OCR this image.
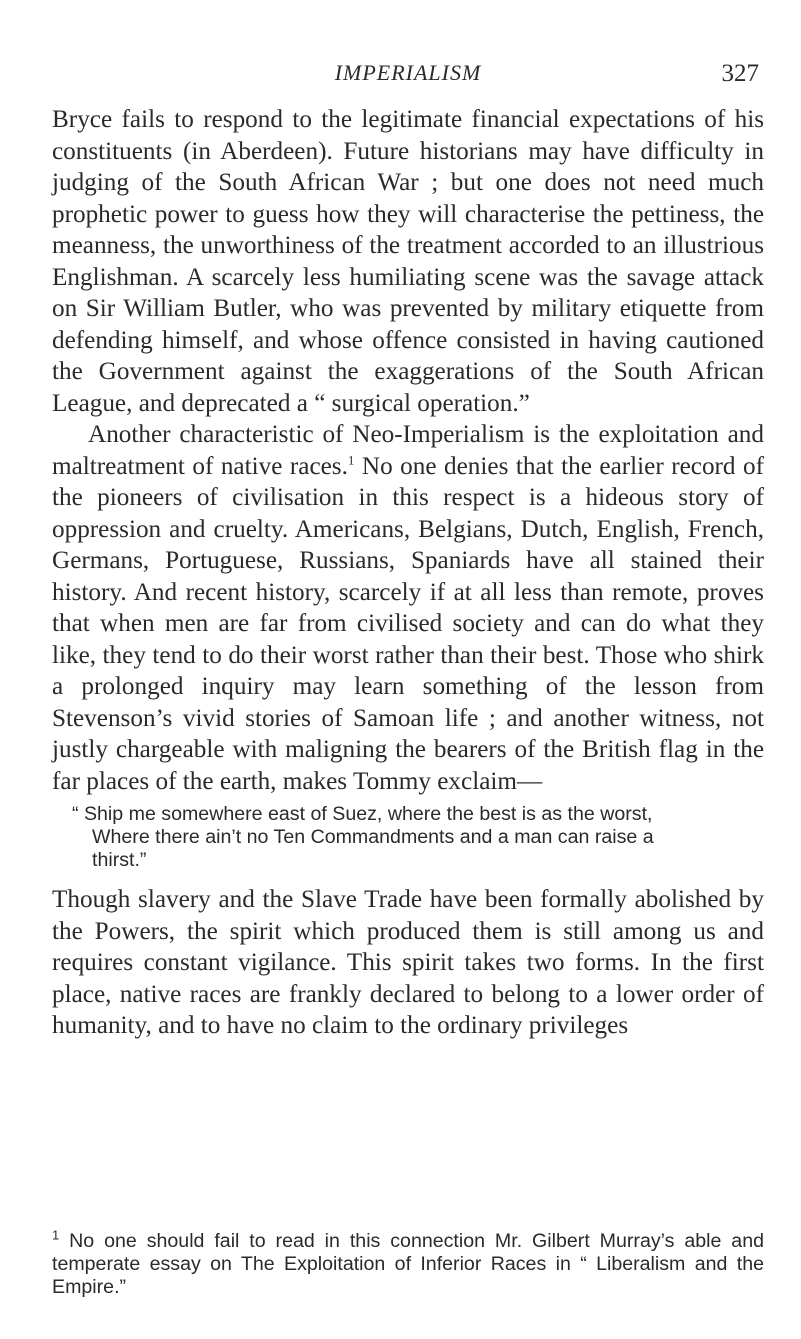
IMPERIALISM	327

Bryce fails to respond to the legitimate financial expectations of his constituents (in Aberdeen). Future historians may have difficulty in judging of the South African War ; but one does not need much prophetic power to guess how they will characterise the pettiness, the meanness, the unworthiness of the treatment accorded to an illustrious Englishman. A scarcely less humiliating scene was the savage attack on Sir William Butler, who was prevented by military etiquette from defending himself, and whose offence consisted in having cautioned the Government against the exaggerations of the South African League, and deprecated a “ surgical operation.”

Another characteristic of Neo-Imperialism is the exploitation and maltreatment of native races.$^1$ No one denies that the earlier record of the pioneers of civilisation in this respect is a hideous story of oppression and cruelty. Americans, Belgians, Dutch, English, French, Germans, Portuguese, Russians, Spaniards have all stained their history. And recent history, scarcely if at all less than remote, proves that when men are far from civilised society and can do what they like, they tend to do their worst rather than their best. Those who shirk a prolonged inquiry may learn something of the lesson from Stevenson’s vivid stories of Samoan life ; and another witness, not justly chargeable with maligning the bearers of the British flag in the far places of the earth, makes Tommy exclaim—

“ Ship me somewhere east of Suez, where the best is as the worst,
Where there ain’t no Ten Commandments and a man can raise a
thirst.”

Though slavery and the Slave Trade have been formally abolished by the Powers, the spirit which produced them is still among us and requires constant vigilance. This spirit takes two forms. In the first place, native races are frankly declared to belong to a lower order of humanity, and to have no claim to the ordinary privileges

$^1$ No one should fail to read in this connection Mr. Gilbert Murray’s able and temperate essay on The Exploitation of Inferior Races in “ Liberalism and the Empire.”
